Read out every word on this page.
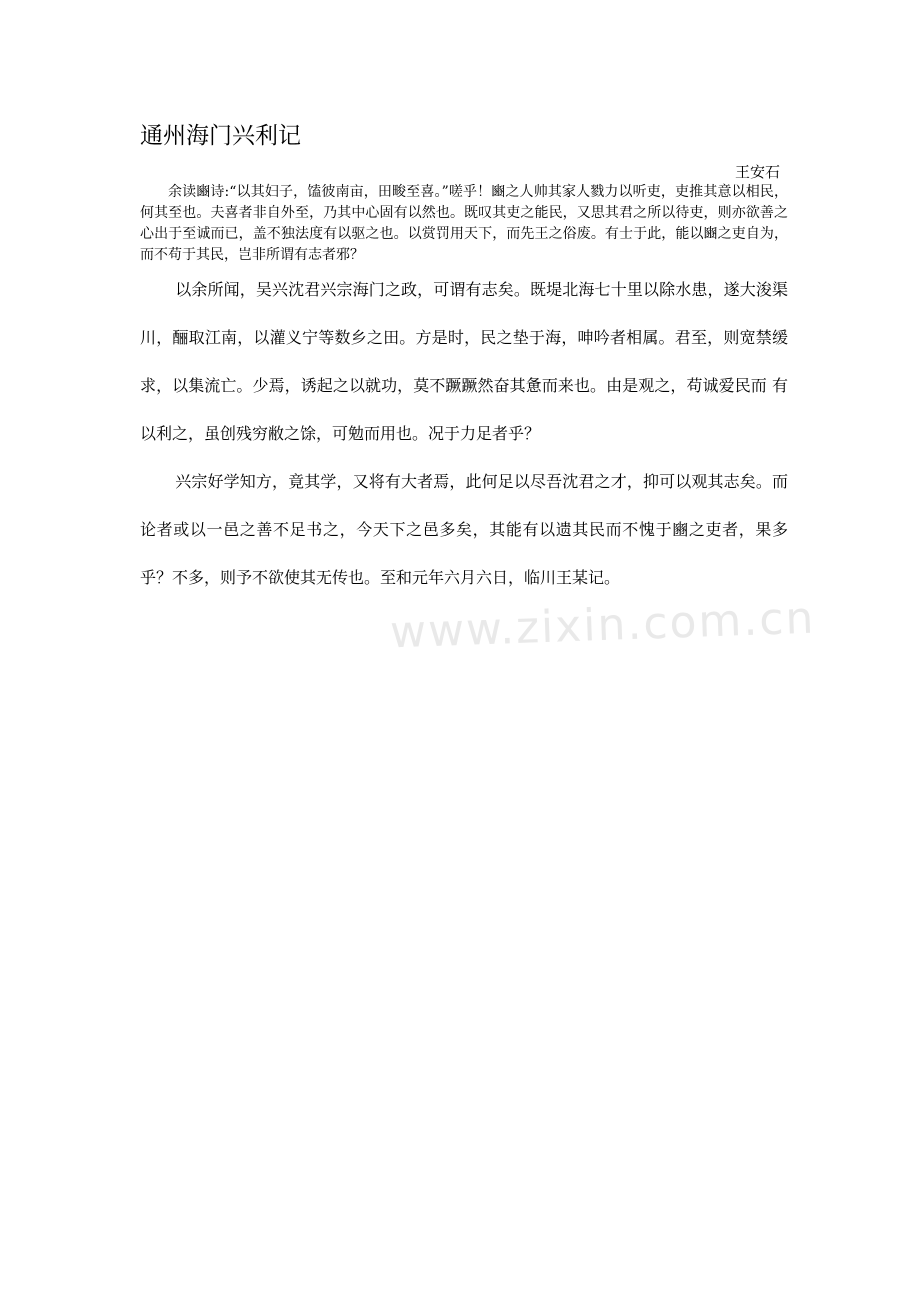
通州海门兴利记
王安石

余读豳诗:“以其妇子，馌彼南亩，田畯至喜。”嗟乎！豳之人帅其家人戮力以听吏，吏推其意以相民，何其至也。夫喜者非自外至，乃其中心固有以然也。既叹其吏之能民，又思其君之所以待吏，则亦欲善之心出于至诚而已，盖不独法度有以驱之也。以赏罚用天下，而先王之俗废。有士于此，能以豳之吏自为，而不苟于其民，岂非所谓有志者邪？

以余所闻，吴兴沈君兴宗海门之政，可谓有志矣。既堤北海七十里以除水患，遂大浚渠川，酾取江南，以灌义宁等数乡之田。方是时，民之垫于海，呻吟者相属。君至，则宽禁缓求，以集流亡。少焉，诱起之以就功，莫不蹶蹶然奋其惫而来也。由是观之，苟诚爱民而 有以利之，虽创残穷敝之馀，可勉而用也。况于力足者乎？

兴宗好学知方，竟其学，又将有大者焉，此何足以尽吾沈君之才，抑可以观其志矣。而论者或以一邑之善不足书之，今天下之邑多矣，其能有以遗其民而不愧于豳之吏者，果多乎？不多，则予不欲使其无传也。至和元年六月六日，临川王某记。

www.zixin.com.cn
